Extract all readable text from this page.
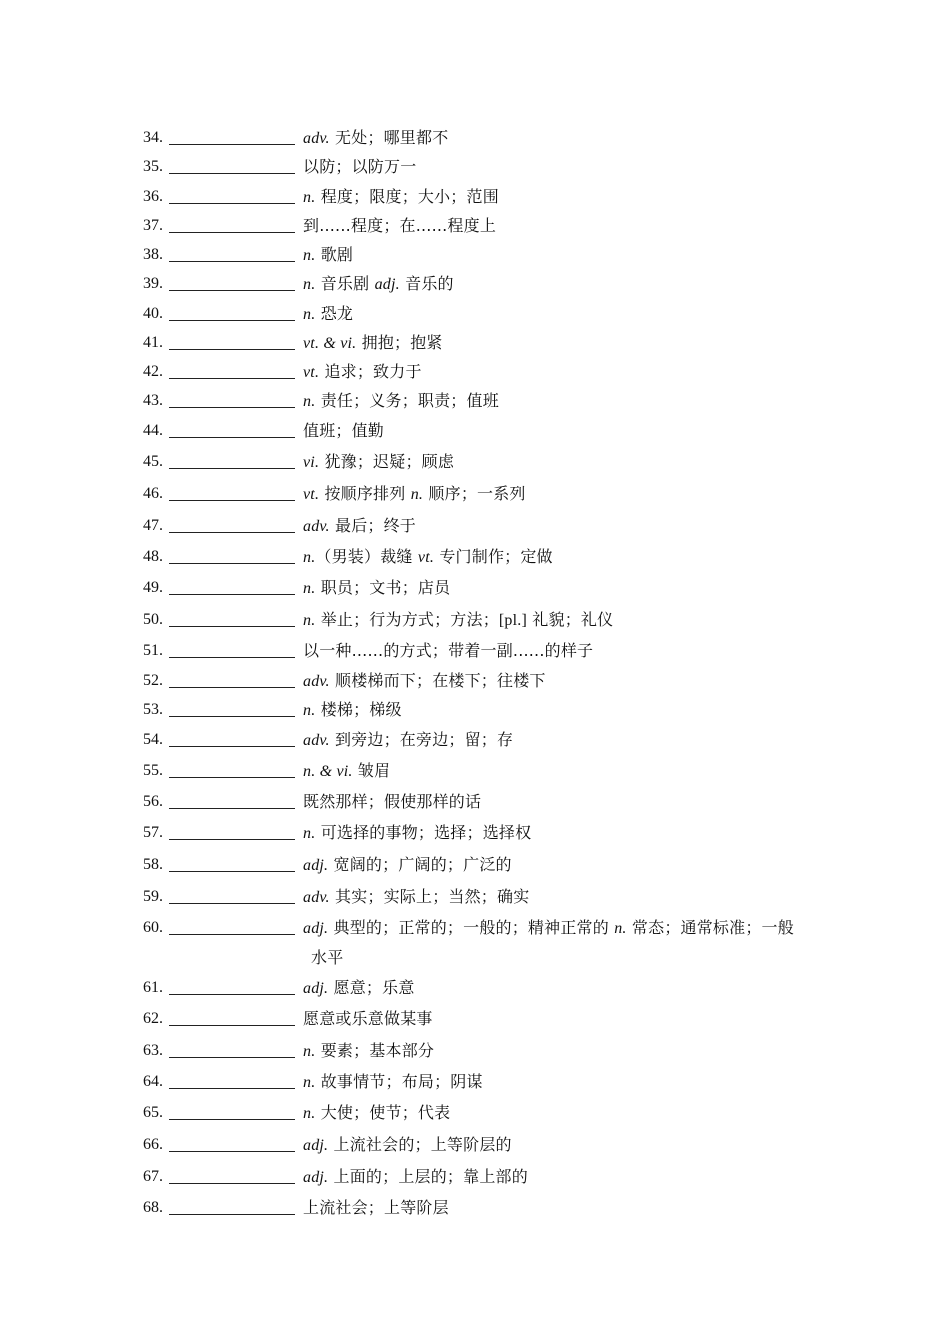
34.	adv. 无处；哪里都不
35.	以防；以防万一
36.	n. 程度；限度；大小；范围
37.	到......程度；在......程度上
38.	n. 歌剧
39.	n. 音乐剧 adj. 音乐的
40.	n. 恐龙
41.	vt. & vi. 拥抱；抱紧
42.	vt. 追求；致力于
43.	n. 责任；义务；职责；值班
44.	值班；值勤
45.	vi. 犹豫；迟疑；顾虑
46.	vt. 按顺序排列 n. 顺序；一系列
47.	adv. 最后；终于
48.	n.（男装）裁缝 vt. 专门制作；定做
49.	n. 职员；文书；店员
50.	n. 举止；行为方式；方法；[pl.] 礼貌；礼仪
51.	以一种......的方式；带着一副......的样子
52.	adv. 顺楼梯而下；在楼下；往楼下
53.	n. 楼梯；梯级
54.	adv. 到旁边；在旁边；留；存
55.	n. & vi. 皱眉
56.	既然那样；假使那样的话
57.	n. 可选择的事物；选择；选择权
58.	adj. 宽阔的；广阔的；广泛的
59.	adv. 其实；实际上；当然；确实
60.	adj. 典型的；正常的；一般的；精神正常的 n. 常态；通常标准；一般
水平
61.	adj. 愿意；乐意
62.	愿意或乐意做某事
63.	n. 要素；基本部分
64.	n. 故事情节；布局；阴谋
65.	n. 大使；使节；代表
66.	adj. 上流社会的；上等阶层的
67.	adj. 上面的；上层的；靠上部的
68.	上流社会；上等阶层
